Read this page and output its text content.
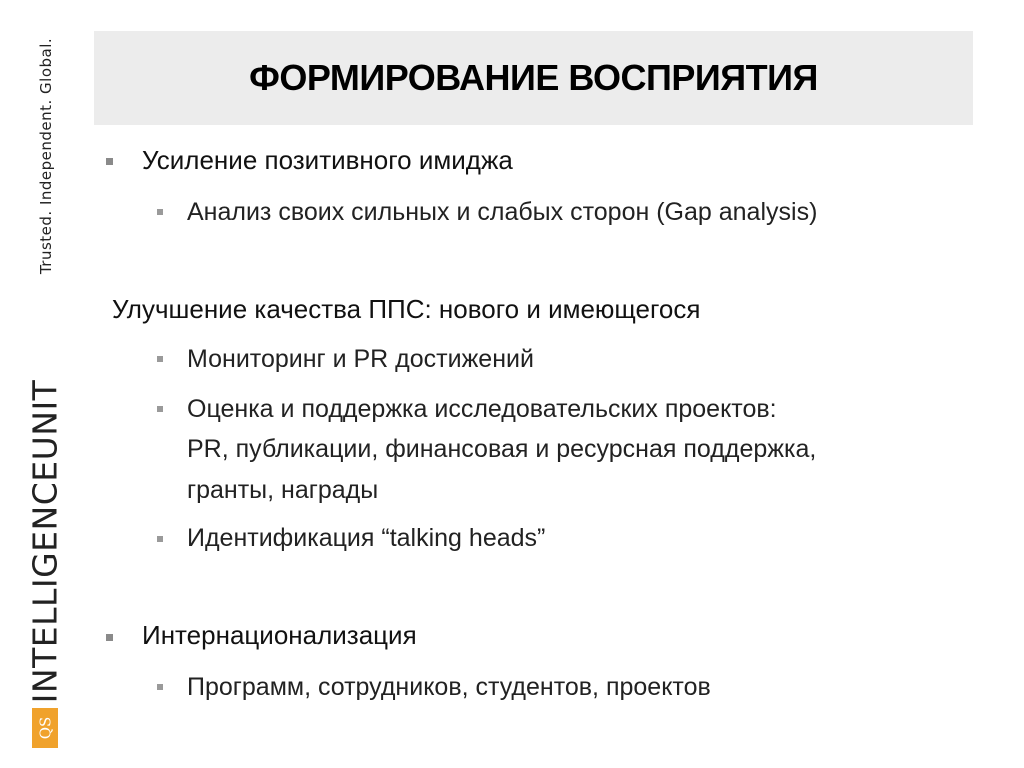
Trusted. Independent. Global.
INTELLIGENCEUNIT
QS
ФОРМИРОВАНИЕ ВОСПРИЯТИЯ
Усиление позитивного имиджа
Анализ своих сильных и слабых сторон (Gap analysis)
Улучшение качества ППС: нового и имеющегося
Мониторинг и PR достижений
Оценка и поддержка исследовательских проектов:
PR, публикации, финансовая и ресурсная поддержка,
гранты, награды
Идентификация “talking heads”
Интернационализация
Программ, сотрудников, студентов, проектов
